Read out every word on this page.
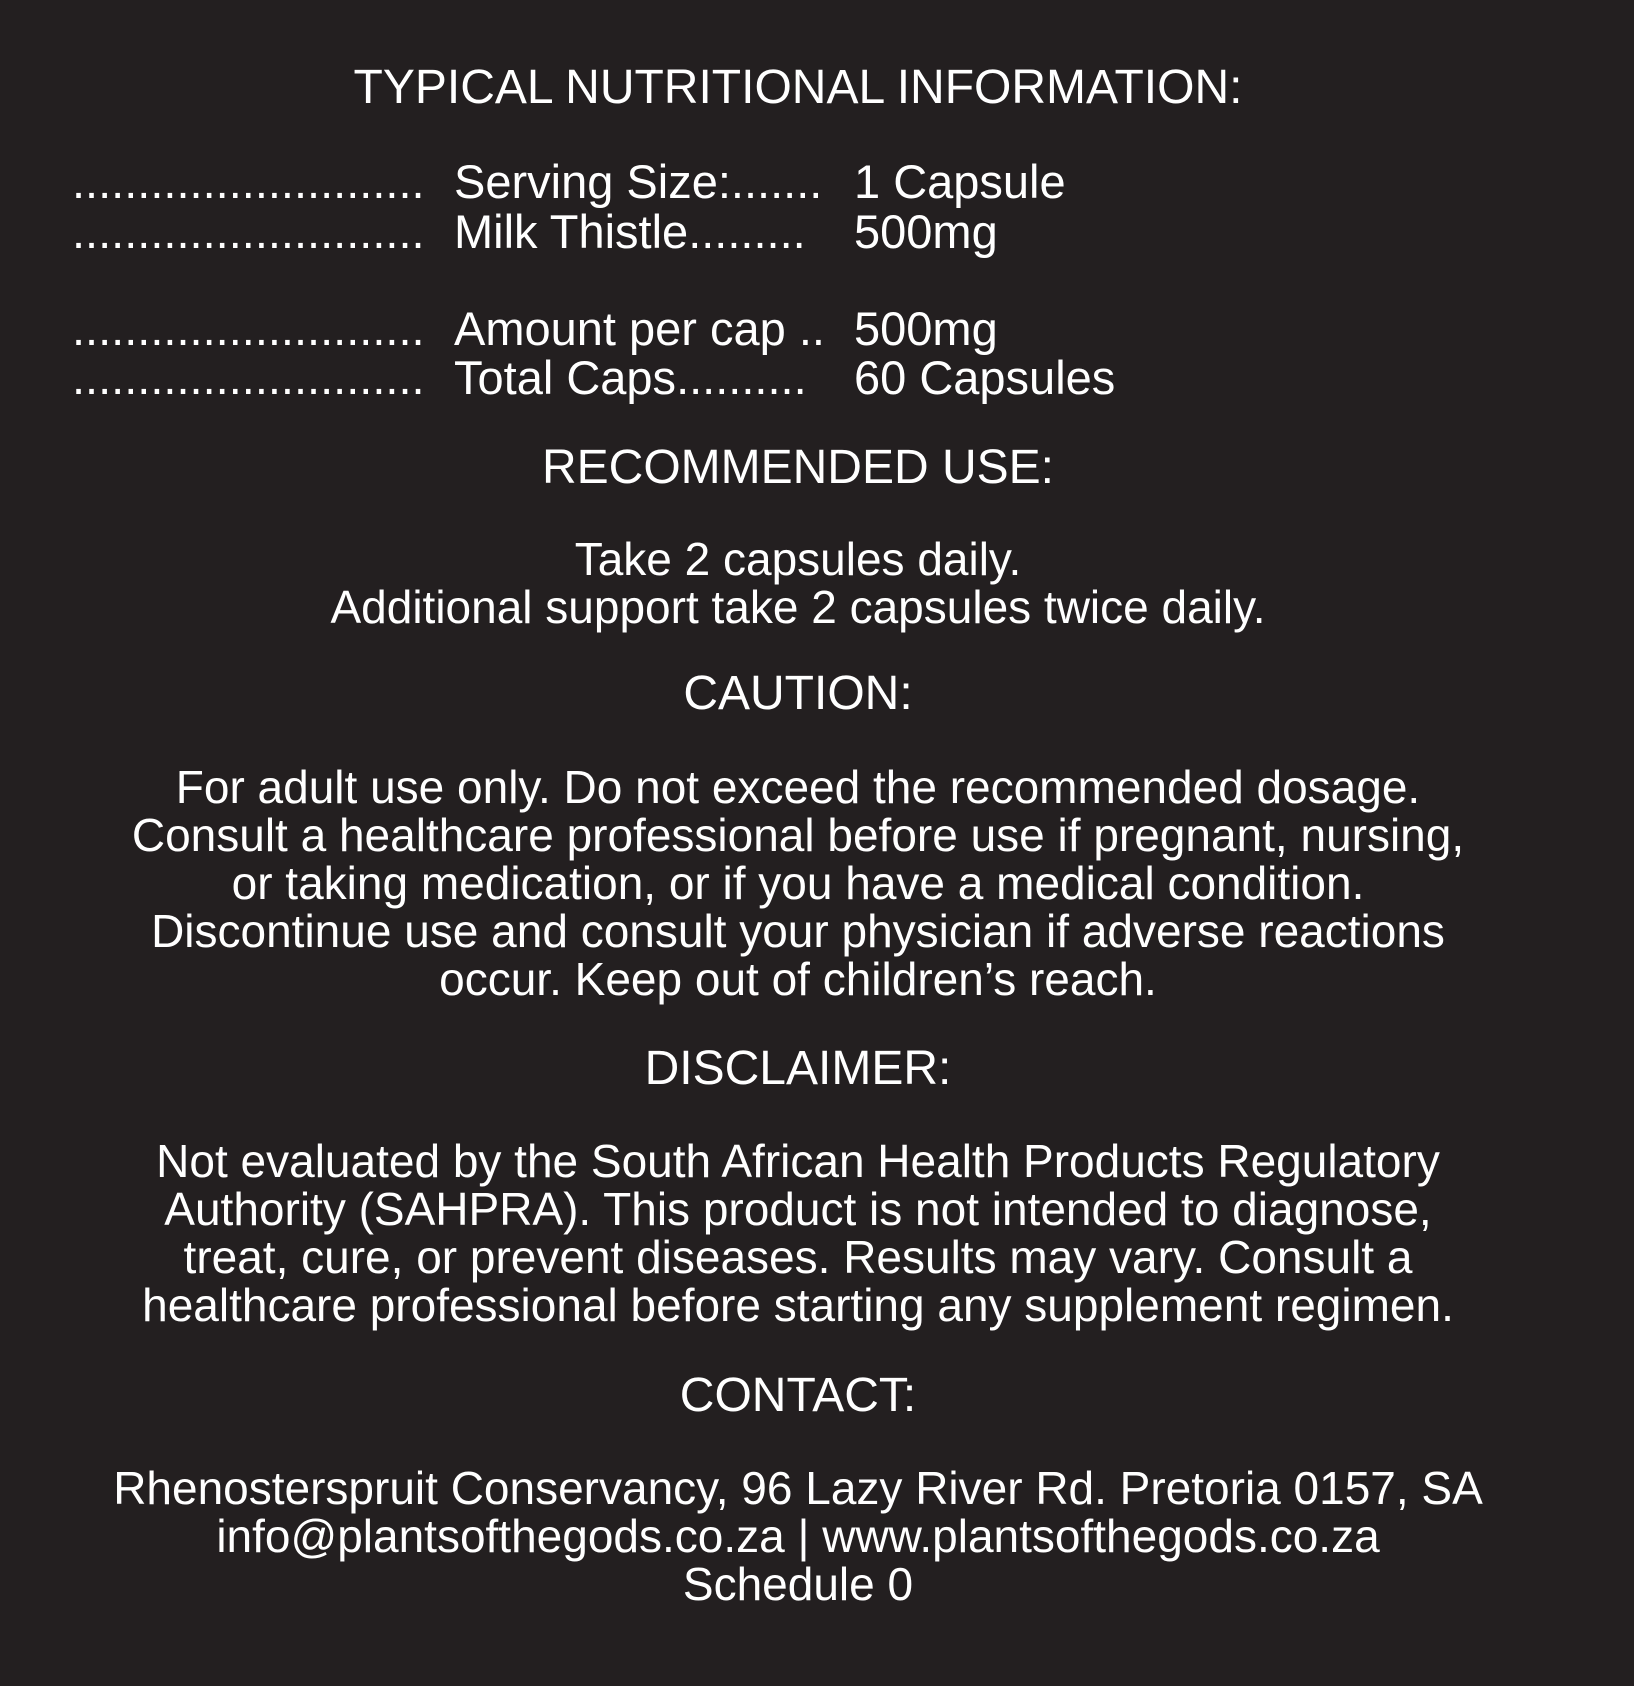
TYPICAL NUTRITIONAL INFORMATION:
........................... Serving Size:....... 1 Capsule
........................... Milk Thistle......... 500mg
........................... Amount per cap .. 500mg
........................... Total Caps.......... 60 Capsules
RECOMMENDED USE:
Take 2 capsules daily.
Additional support take 2 capsules twice daily.
CAUTION:
For adult use only. Do not exceed the recommended dosage.
Consult a healthcare professional before use if pregnant, nursing,
or taking medication, or if you have a medical condition.
Discontinue use and consult your physician if adverse reactions
occur. Keep out of children’s reach.
DISCLAIMER:
Not evaluated by the South African Health Products Regulatory
Authority (SAHPRA). This product is not intended to diagnose,
treat, cure, or prevent diseases. Results may vary. Consult a
healthcare professional before starting any supplement regimen.
CONTACT:
Rhenosterspruit Conservancy, 96 Lazy River Rd. Pretoria 0157, SA
info@plantsofthegods.co.za | www.plantsofthegods.co.za
Schedule 0
